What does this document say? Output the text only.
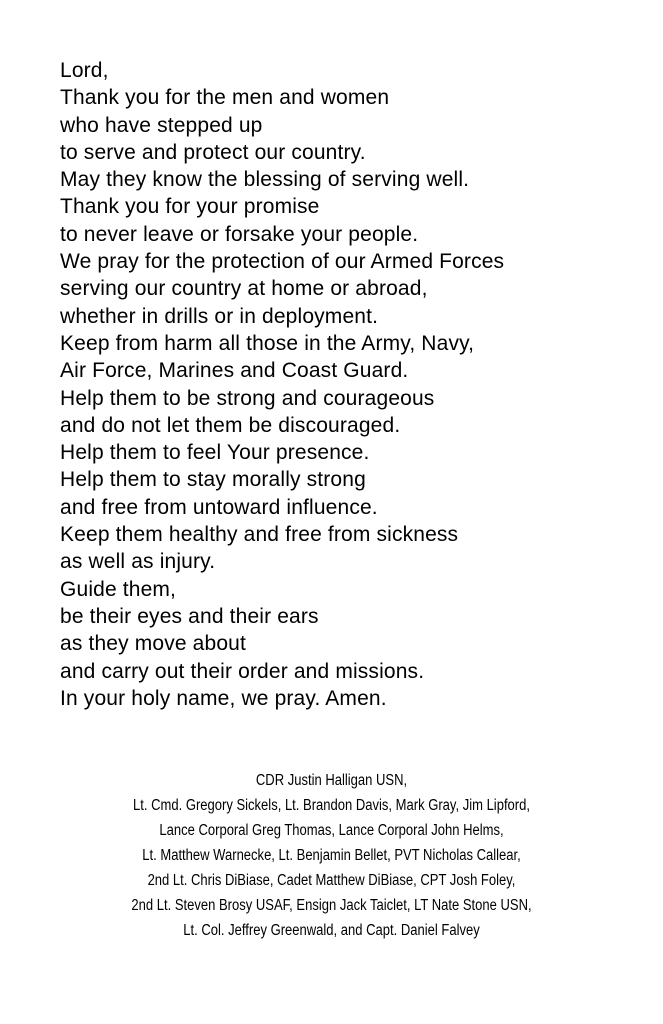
Lord,
Thank you for the men and women
who have stepped up
to serve and protect our country.
May they know the blessing of serving well.
Thank you for your promise
to never leave or forsake your people.
We pray for the protection of our Armed Forces
serving our country at home or abroad,
whether in drills or in deployment.
Keep from harm all those in the Army, Navy,
Air Force, Marines and Coast Guard.
Help them to be strong and courageous
and do not let them be discouraged.
Help them to feel Your presence.
Help them to stay morally strong
and free from untoward influence.
Keep them healthy and free from sickness
as well as injury.
Guide them,
be their eyes and their ears
as they move about
and carry out their order and missions.
In your holy name, we pray. Amen.
CDR Justin Halligan USN,
Lt. Cmd. Gregory Sickels, Lt. Brandon Davis, Mark Gray, Jim Lipford,
Lance Corporal Greg Thomas, Lance Corporal John Helms,
Lt. Matthew Warnecke, Lt. Benjamin Bellet, PVT Nicholas Callear,
2nd Lt. Chris DiBiase, Cadet Matthew DiBiase, CPT Josh Foley,
2nd Lt. Steven Brosy USAF, Ensign Jack Taiclet, LT Nate Stone USN,
Lt. Col. Jeffrey Greenwald, and Capt. Daniel Falvey
